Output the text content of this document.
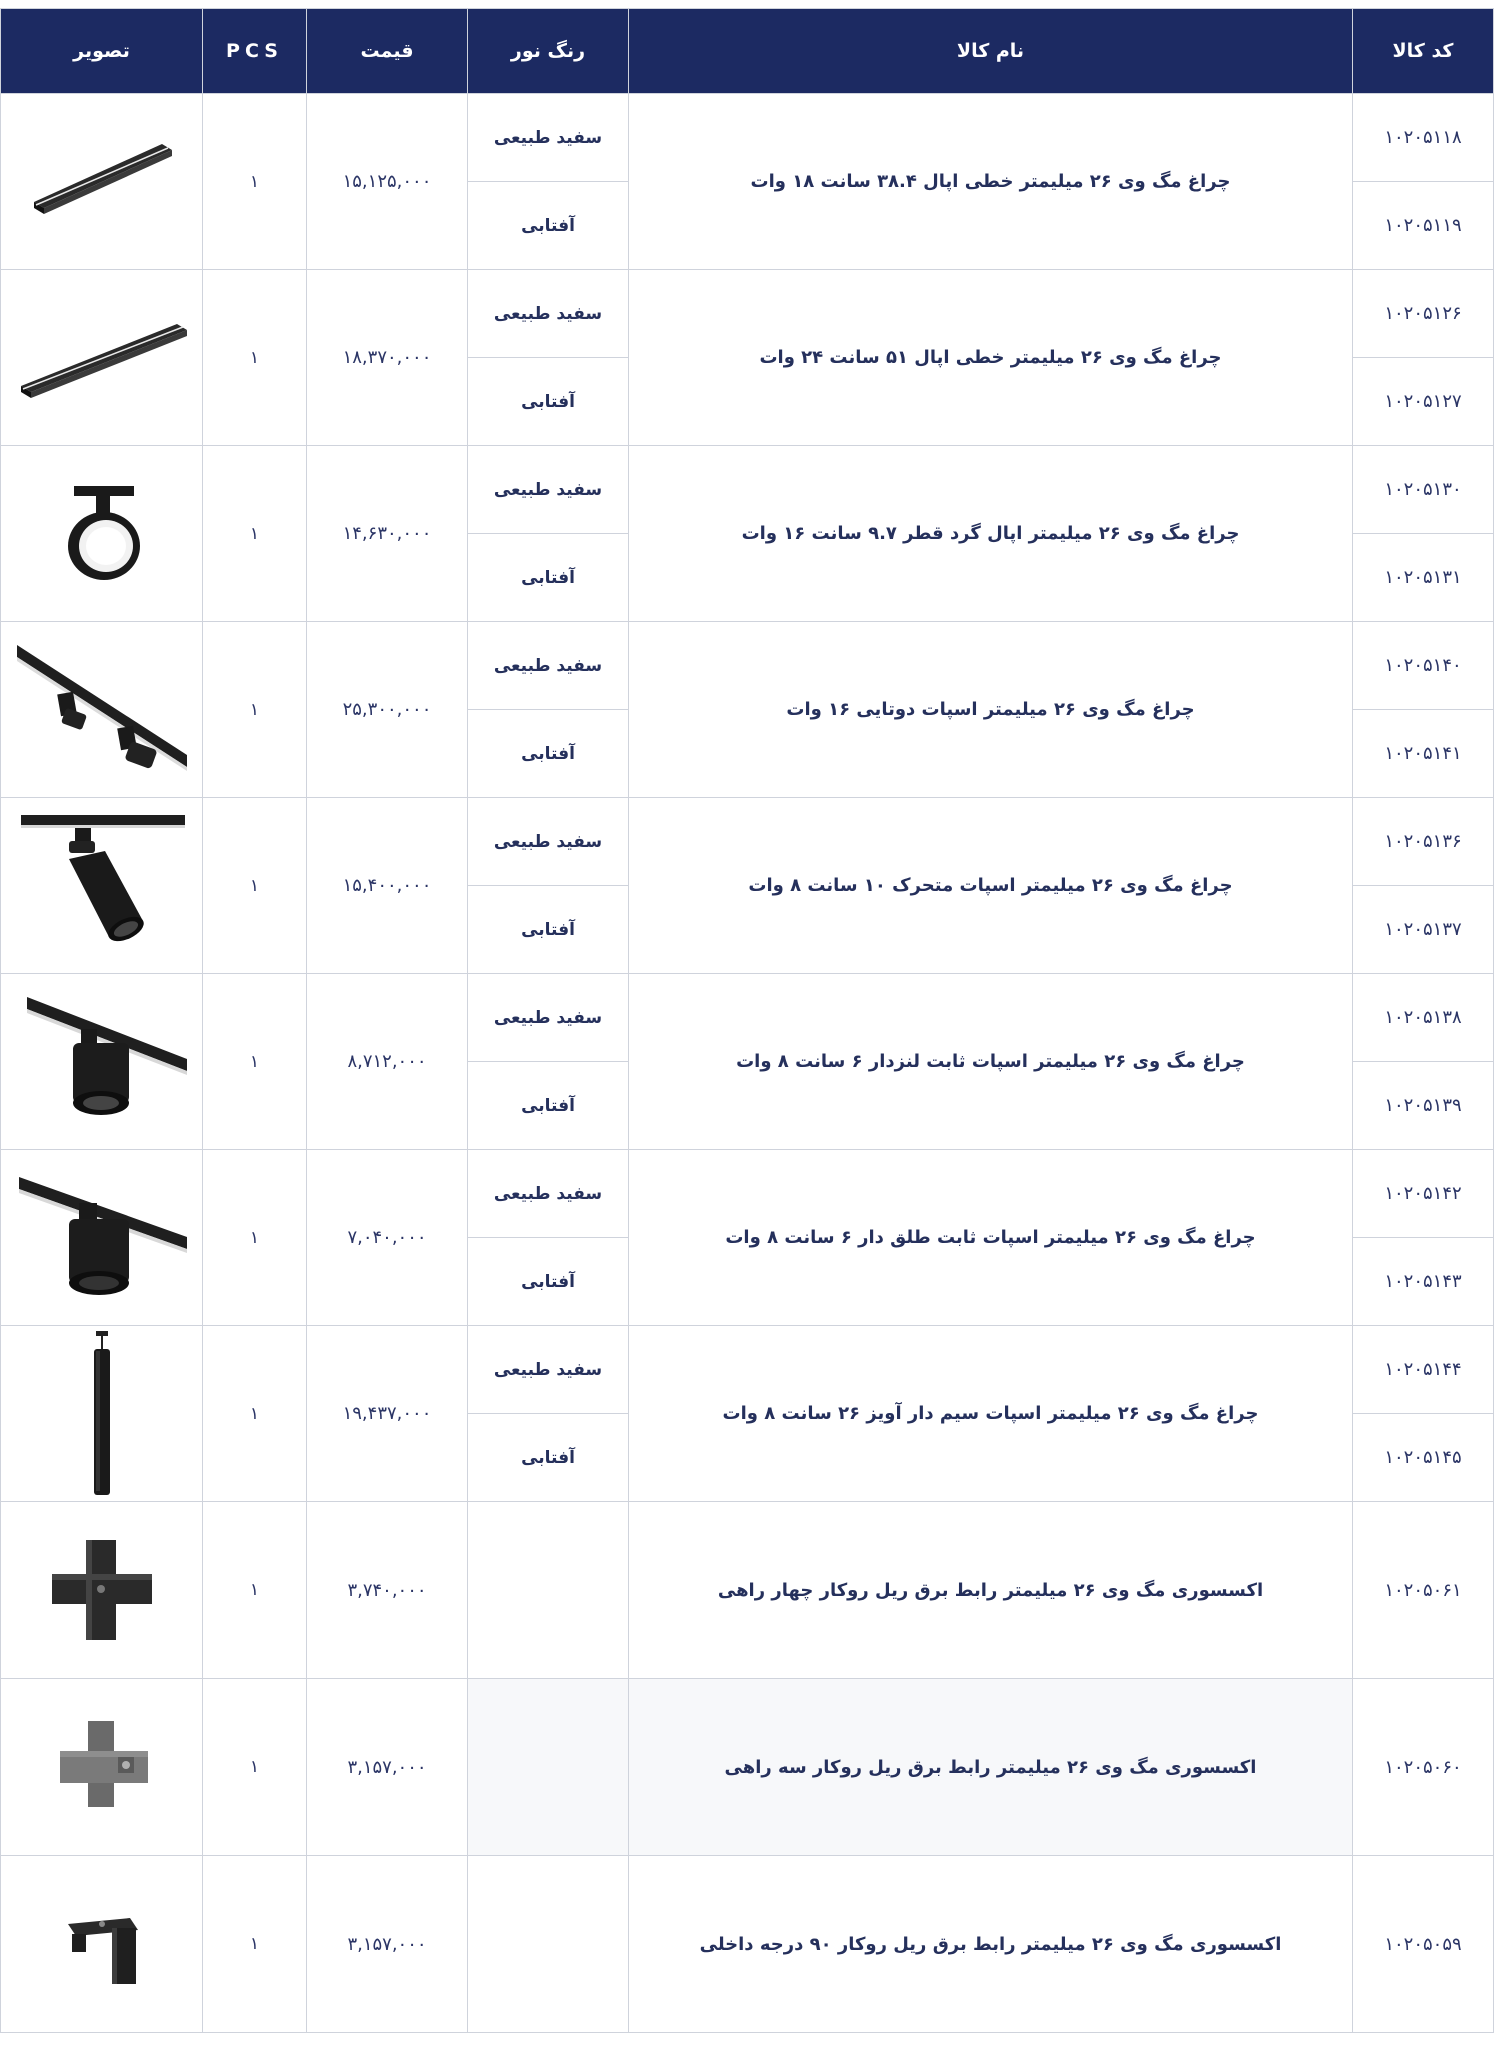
کد کالا	نام کالا	رنگ نور	قیمت	PCS	تصویر
۱۰۲۰۵۱۱۸	چراغ مگ وی ۲۶ میلیمتر خطی اپال ۳۸.۴ سانت ۱۸ وات	سفید طبیعی	۱۵,۱۲۵,۰۰۰	۱	

۱۰۲۰۵۱۱۹		آفتابی			
۱۰۲۰۵۱۲۶	چراغ مگ وی ۲۶ میلیمتر خطی اپال ۵۱ سانت ۲۴ وات	سفید طبیعی	۱۸,۳۷۰,۰۰۰	۱	

۱۰۲۰۵۱۲۷		آفتابی			
۱۰۲۰۵۱۳۰	چراغ مگ وی ۲۶ میلیمتر اپال گرد قطر ۹.۷ سانت ۱۶ وات	سفید طبیعی	۱۴,۶۳۰,۰۰۰	۱	

۱۰۲۰۵۱۳۱		آفتابی			
۱۰۲۰۵۱۴۰	چراغ مگ وی ۲۶ میلیمتر اسپات دوتایی ۱۶ وات	سفید طبیعی	۲۵,۳۰۰,۰۰۰	۱	

۱۰۲۰۵۱۴۱		آفتابی			
۱۰۲۰۵۱۳۶	چراغ مگ وی ۲۶ میلیمتر اسپات متحرک ۱۰ سانت ۸ وات	سفید طبیعی	۱۵,۴۰۰,۰۰۰	۱	

۱۰۲۰۵۱۳۷		آفتابی			
۱۰۲۰۵۱۳۸	چراغ مگ وی ۲۶ میلیمتر اسپات ثابت لنزدار ۶ سانت ۸ وات	سفید طبیعی	۸,۷۱۲,۰۰۰	۱	

۱۰۲۰۵۱۳۹		آفتابی			
۱۰۲۰۵۱۴۲	چراغ مگ وی ۲۶ میلیمتر اسپات ثابت طلق دار ۶ سانت ۸ وات	سفید طبیعی	۷,۰۴۰,۰۰۰	۱	

۱۰۲۰۵۱۴۳		آفتابی			
۱۰۲۰۵۱۴۴	چراغ مگ وی ۲۶ میلیمتر اسپات سیم دار آویز ۲۶ سانت ۸ وات	سفید طبیعی	۱۹,۴۳۷,۰۰۰	۱	

۱۰۲۰۵۱۴۵		آفتابی			
۱۰۲۰۵۰۶۱	اکسسوری مگ وی ۲۶ میلیمتر رابط برق ریل روکار چهار راهی		۳,۷۴۰,۰۰۰	۱	

۱۰۲۰۵۰۶۰	اکسسوری مگ وی ۲۶ میلیمتر رابط برق ریل روکار سه راهی		۳,۱۵۷,۰۰۰	۱	

۱۰۲۰۵۰۵۹	اکسسوری مگ وی ۲۶ میلیمتر رابط برق ریل روکار ۹۰ درجه داخلی		۳,۱۵۷,۰۰۰	۱	
